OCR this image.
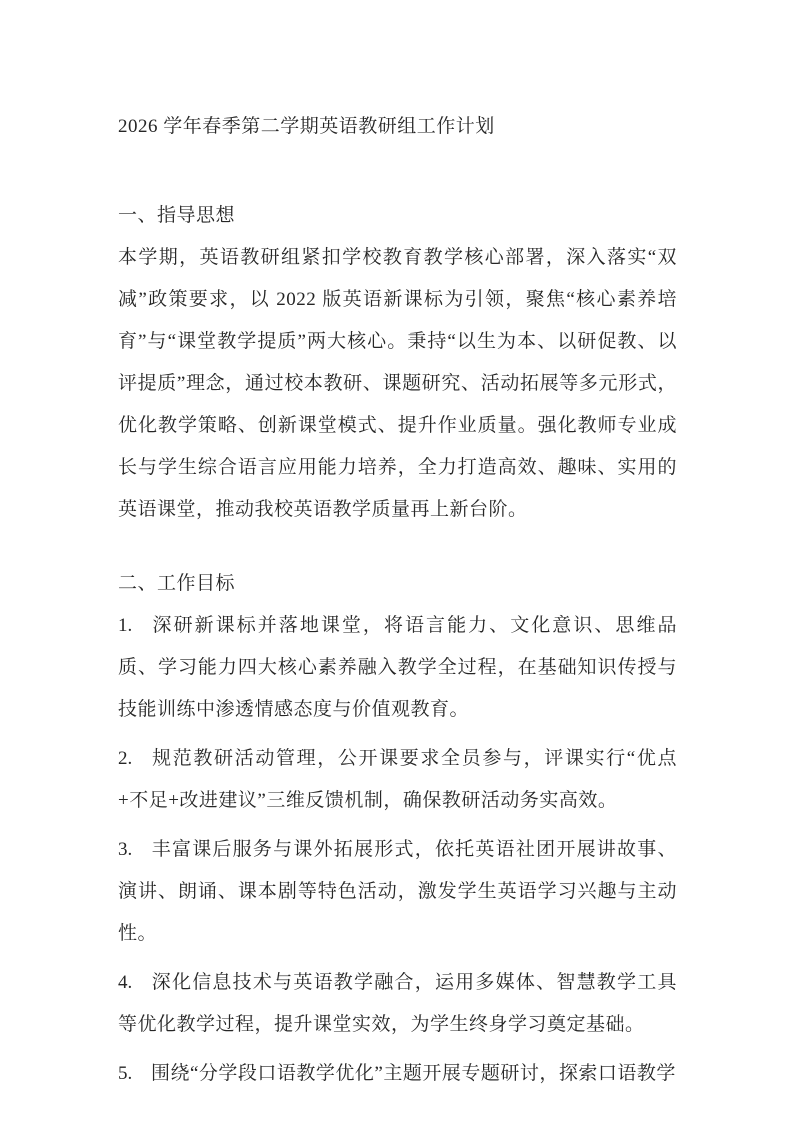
2026 学年春季第二学期英语教研组工作计划
一、指导思想

本学期，英语教研组紧扣学校教育教学核心部署，深入落实“双减”政策要求，以 2022 版英语新课标为引领，聚焦“核心素养培育”与“课堂教学提质”两大核心。秉持“以生为本、以研促教、以评提质”理念，通过校本教研、课题研究、活动拓展等多元形式，优化教学策略、创新课堂模式、提升作业质量。强化教师专业成长与学生综合语言应用能力培养，全力打造高效、趣味、实用的英语课堂，推动我校英语教学质量再上新台阶。

二、工作目标

1. 深研新课标并落地课堂，将语言能力、文化意识、思维品质、学习能力四大核心素养融入教学全过程，在基础知识传授与技能训练中渗透情感态度与价值观教育。

2. 规范教研活动管理，公开课要求全员参与，评课实行“优点+不足+改进建议”三维反馈机制，确保教研活动务实高效。

3. 丰富课后服务与课外拓展形式，依托英语社团开展讲故事、演讲、朗诵、课本剧等特色活动，激发学生英语学习兴趣与主动性。

4. 深化信息技术与英语教学融合，运用多媒体、智慧教学工具等优化教学过程，提升课堂实效，为学生终身学习奠定基础。

5. 围绕“分学段口语教学优化”主题开展专题研讨，探索口语教学
